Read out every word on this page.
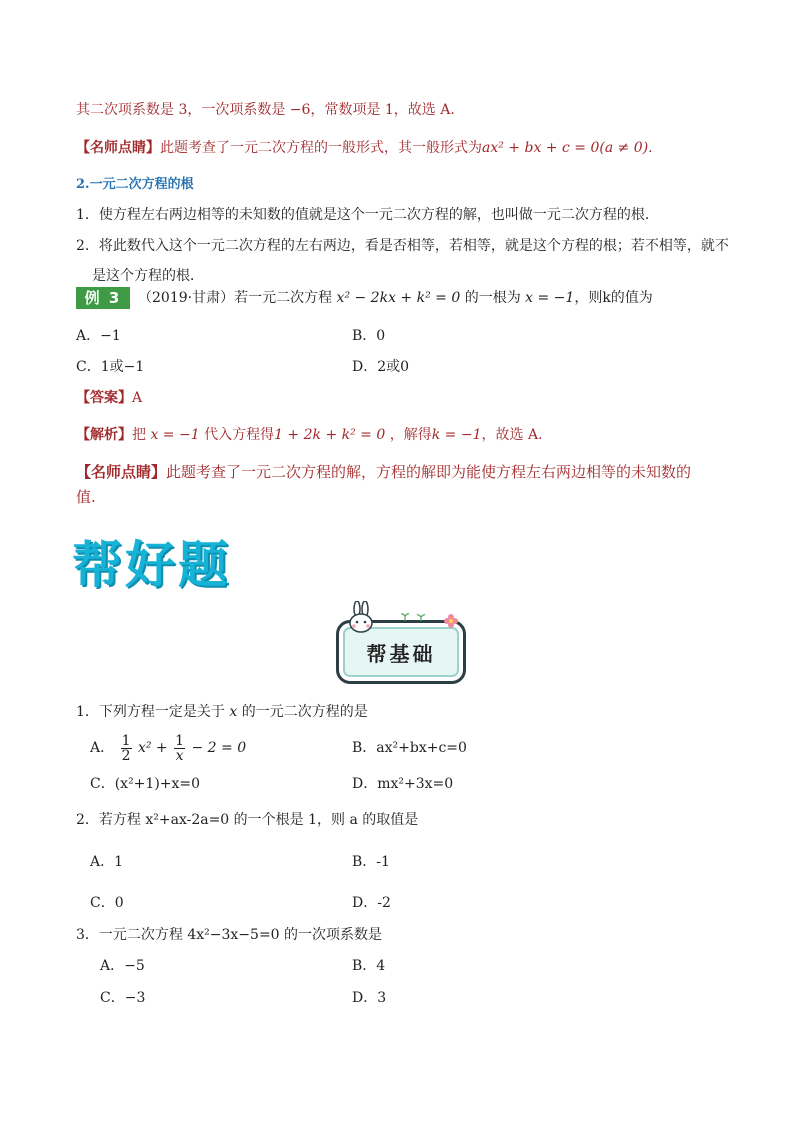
其二次项系数是 3，一次项系数是 −6，常数项是 1，故选 A.
【名师点睛】此题考查了一元二次方程的一般形式，其一般形式为ax² + bx + c = 0(a ≠ 0).
2.一元二次方程的根
1．使方程左右两边相等的未知数的值就是这个一元二次方程的解，也叫做一元二次方程的根．
2．将此数代入这个一元二次方程的左右两边，看是否相等，若相等，就是这个方程的根；若不相等，就不
是这个方程的根．
例 3	（2019·甘肃）若一元二次方程 x² − 2kx + k² = 0 的一根为 x = −1，则k的值为
A．−1	B．0
C．1或−1	D．2或0
【答案】A
【解析】把 x = −1 代入方程得1 + 2k + k² = 0 ，解得k = −1，故选 A.
【名师点睛】此题考查了一元二次方程的解，方程的解即为能使方程左右两边相等的未知数的
值.
帮好题
帮基础
1．下列方程一定是关于 x 的一元二次方程的是
A． $\frac{1}{2} x^2 + \frac{1}{x} - 2 = 0$	B．ax²+bx+c=0
C．(x²+1)+x=0	D．mx²+3x=0
2．若方程 x²+ax-2a=0 的一个根是 1，则 a 的取值是
A．1	B．-1
C．0	D．-2
3．一元二次方程 4x²−3x−5=0 的一次项系数是
A．−5	B．4
C．−3	D．3
